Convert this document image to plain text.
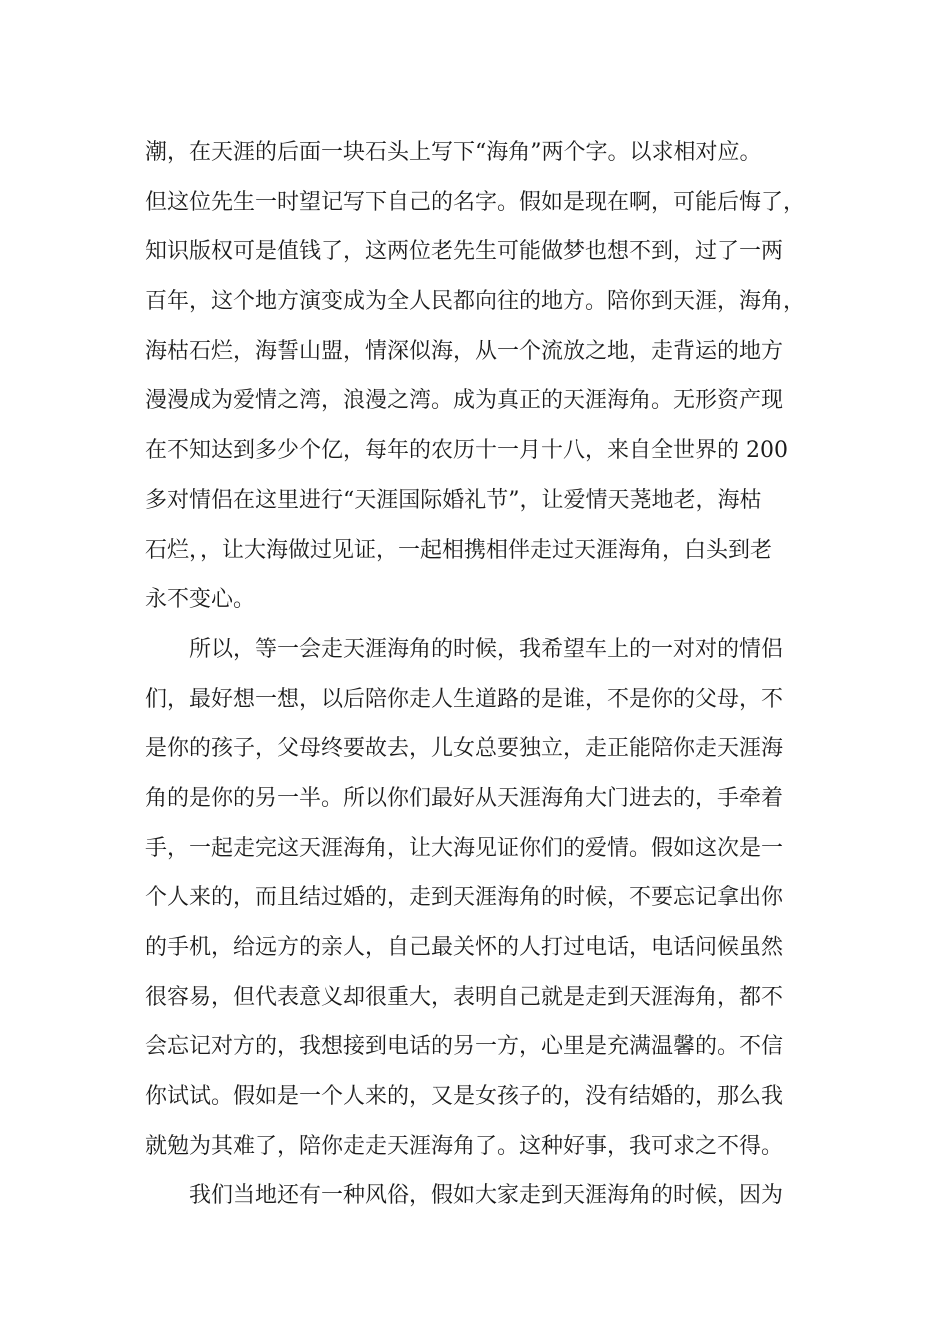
潮，在天涯的后面一块石头上写下“海角”两个字。以求相对应。
但这位先生一时望记写下自己的名字。假如是现在啊，可能后悔了，
知识版权可是值钱了，这两位老先生可能做梦也想不到，过了一两
百年，这个地方演变成为全人民都向往的地方。陪你到天涯，海角，
海枯石烂，海誓山盟，情深似海，从一个流放之地，走背运的地方
漫漫成为爱情之湾，浪漫之湾。成为真正的天涯海角。无形资产现
在不知达到多少个亿，每年的农历十一月十八，来自全世界的 200
多对情侣在这里进行“天涯国际婚礼节”，让爱情天荛地老，海枯
石烂，，让大海做过见证，一起相携相伴走过天涯海角，白头到老
永不变心。
所以，等一会走天涯海角的时候，我希望车上的一对对的情侣
们，最好想一想，以后陪你走人生道路的是谁，不是你的父母，不
是你的孩子，父母终要故去，儿女总要独立，走正能陪你走天涯海
角的是你的另一半。所以你们最好从天涯海角大门进去的，手牵着
手，一起走完这天涯海角，让大海见证你们的爱情。假如这次是一
个人来的，而且结过婚的，走到天涯海角的时候，不要忘记拿出你
的手机，给远方的亲人，自己最关怀的人打过电话，电话问候虽然
很容易，但代表意义却很重大，表明自己就是走到天涯海角，都不
会忘记对方的，我想接到电话的另一方，心里是充满温馨的。不信
你试试。假如是一个人来的，又是女孩子的，没有结婚的，那么我
就勉为其难了，陪你走走天涯海角了。这种好事，我可求之不得。
我们当地还有一种风俗，假如大家走到天涯海角的时候，因为
